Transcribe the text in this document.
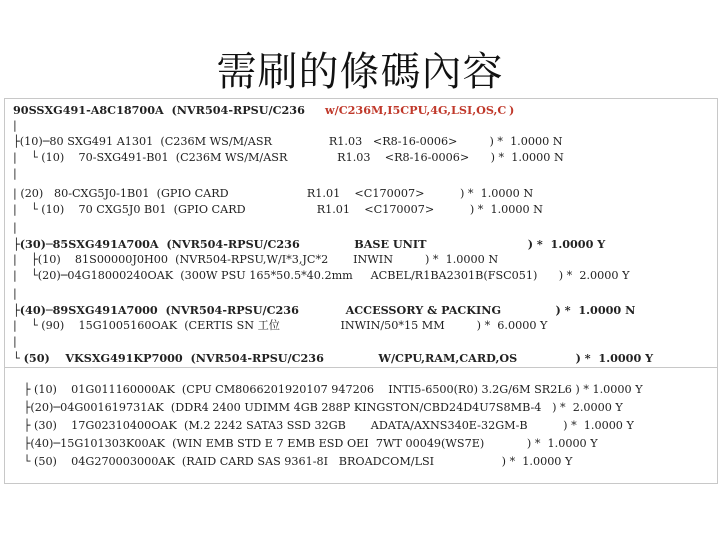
需刷的條碼內容
90SSXG491-A8C18700A  (NVR504-RPSU/C236 w/C236M,I5CPU,4G,LSI,OS,C )
|
├(10)─80 SXG491 A1301  (C236M WS/M/ASR                R1.03   <R8-16-0006>         ) *  1.0000 N
|    └ (10)    70-SXG491-B01  (C236M WS/M/ASR              R1.03    <R8-16-0006>      ) *  1.0000 N
|
| (20)   80-CXG5J0-1B01  (GPIO CARD                      R1.01    <C170007>          ) *  1.0000 N
|    └ (10)    70 CXG5J0 B01  (GPIO CARD                    R1.01    <C170007>          ) *  1.0000 N
|
├(30)─85SXG491A700A  (NVR504-RPSU/C236              BASE UNIT                          ) *  1.0000 Y
|    ├(10)    81S00000J0H00  (NVR504-RPSU,W/I*3,JC*2       INWIN         ) *  1.0000 N
|    └(20)─04G18000240OAK  (300W PSU 165*50.5*40.2mm     ACBEL/R1BA2301B(FSC051)      ) *  2.0000 Y
|
├(40)─89SXG491A7000  (NVR504-RPSU/C236            ACCESSORY & PACKING              ) *  1.0000 N
|    └ (90)    15G1005160OAK  (CERTIS SN 工位                 INWIN/50*15 MM         ) *  6.0000 Y
|
└ (50)    VKSXG491KP7000  (NVR504-RPSU/C236              W/CPU,RAM,CARD,OS               ) *  1.0000 Y
├ (10)    01G011160000AK  (CPU CM8066201920107 947206    INTI5-6500(R0) 3.2G/6M SR2L6 ) * 1.0000 Y
├(20)─04G001619731AK  (DDR4 2400 UDIMM 4GB 288P KINGSTON/CBD24D4U7S8MB-4   ) *  2.0000 Y
├ (30)    17G02310400OAK  (M.2 2242 SATA3 SSD 32GB       ADATA/AXNS340E-32GM-B          ) *  1.0000 Y
├(40)─15G101303K00AK  (WIN EMB STD E 7 EMB ESD OEI  7WT 00049(WS7E)            ) *  1.0000 Y
└ (50)    04G270003000AK  (RAID CARD SAS 9361-8I   BROADCOM/LSI                   ) *  1.0000 Y
